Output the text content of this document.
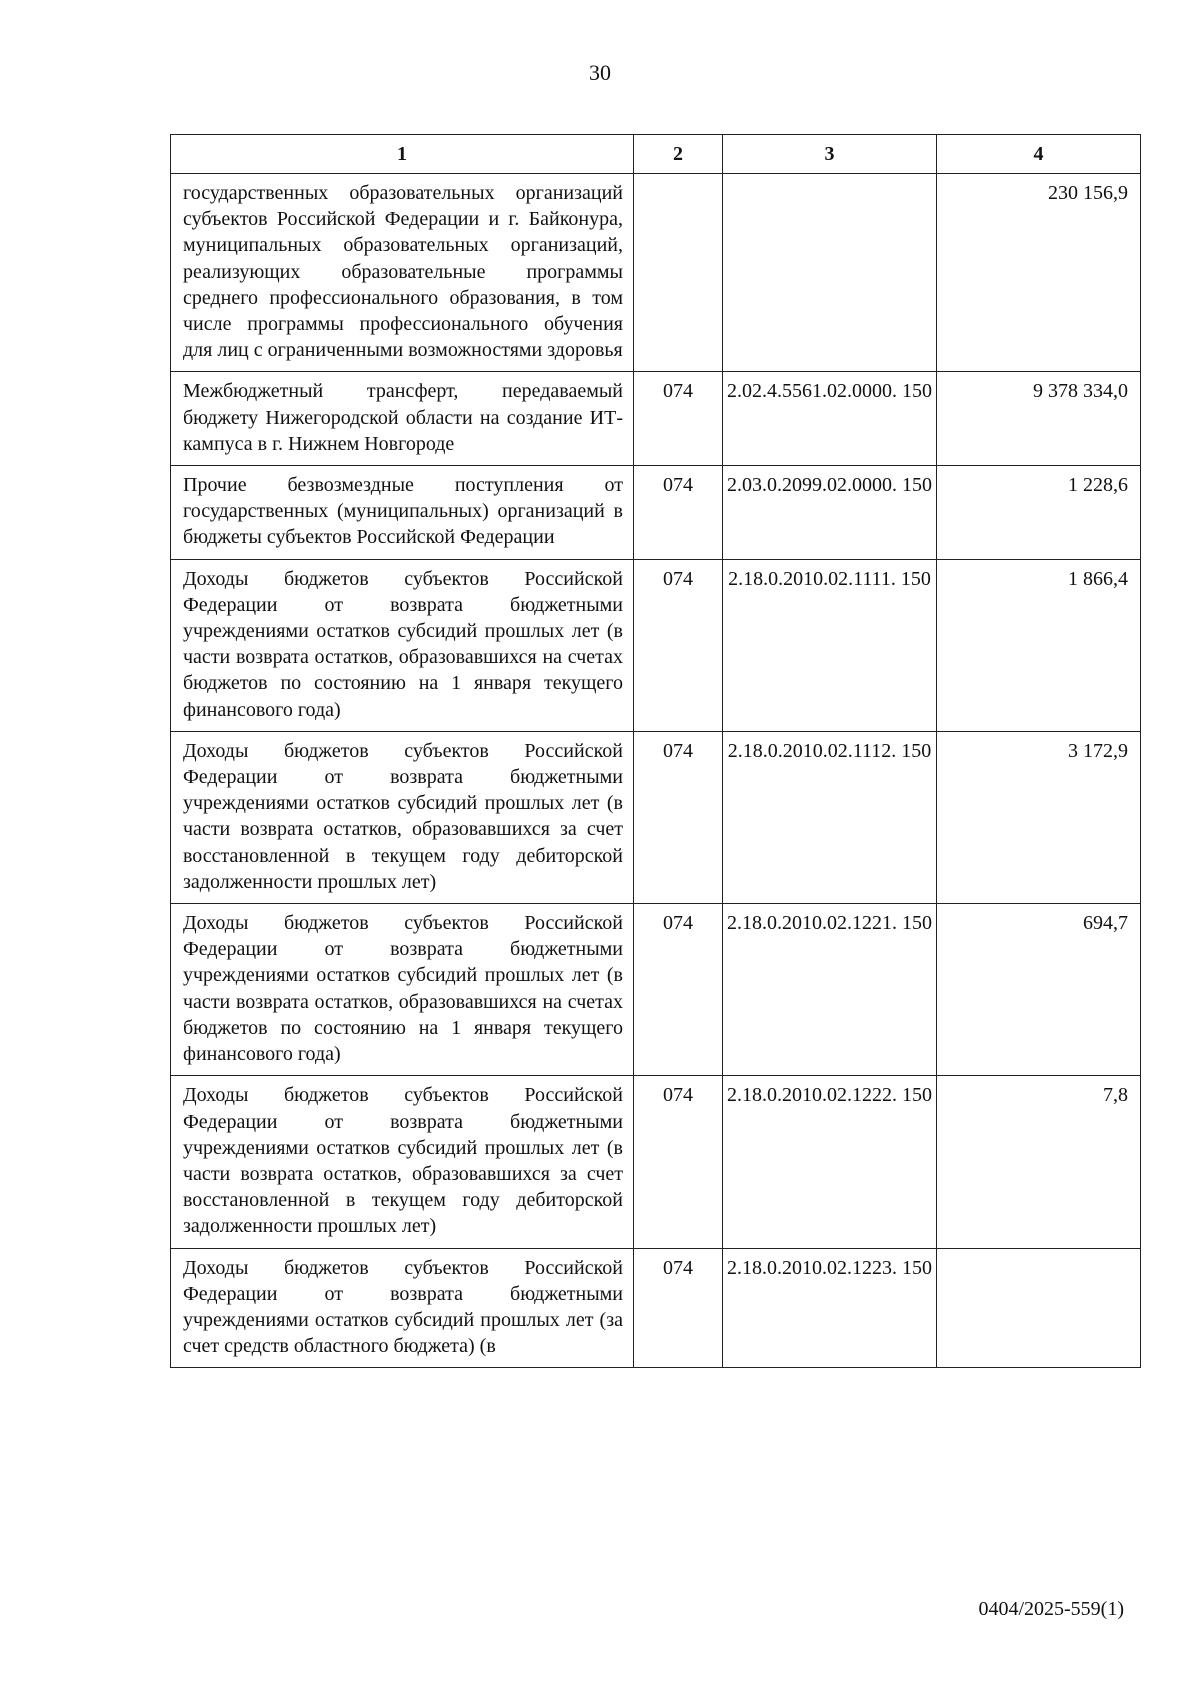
30
1	2	3	4
государственных образовательных организаций субъектов Российской Федерации и г. Байконура, муниципальных образовательных организаций, реализующих образовательные программы среднего профессионального образования, в том числе программы профессионального обучения для лиц с ограниченными возможностями здоровья			230 156,9
Межбюджетный трансферт, передаваемый бюджету Нижегородской области на создание ИТ-кампуса в г. Нижнем Новгороде	074	2.02.4.5561.02.0000. 150	9 378 334,0
Прочие безвозмездные поступления от государственных (муниципальных) организаций в бюджеты субъектов Российской Федерации	074	2.03.0.2099.02.0000. 150	1 228,6
Доходы бюджетов субъектов Российской Федерации от возврата бюджетными учреждениями остатков субсидий прошлых лет (в части возврата остатков, образовавшихся на счетах бюджетов по состоянию на 1 января текущего финансового года)	074	2.18.0.2010.02.1111. 150	1 866,4
Доходы бюджетов субъектов Российской Федерации от возврата бюджетными учреждениями остатков субсидий прошлых лет (в части возврата остатков, образовавшихся за счет восстановленной в текущем году дебиторской задолженности прошлых лет)	074	2.18.0.2010.02.1112. 150	3 172,9
Доходы бюджетов субъектов Российской Федерации от возврата бюджетными учреждениями остатков субсидий прошлых лет (в части возврата остатков, образовавшихся на счетах бюджетов по состоянию на 1 января текущего финансового года)	074	2.18.0.2010.02.1221. 150	694,7
Доходы бюджетов субъектов Российской Федерации от возврата бюджетными учреждениями остатков субсидий прошлых лет (в части возврата остатков, образовавшихся за счет восстановленной в текущем году дебиторской задолженности прошлых лет)	074	2.18.0.2010.02.1222. 150	7,8
Доходы бюджетов субъектов Российской Федерации от возврата бюджетными учреждениями остатков субсидий прошлых лет (за счет средств областного бюджета) (в	074	2.18.0.2010.02.1223. 150	
0404/2025-559(1)
